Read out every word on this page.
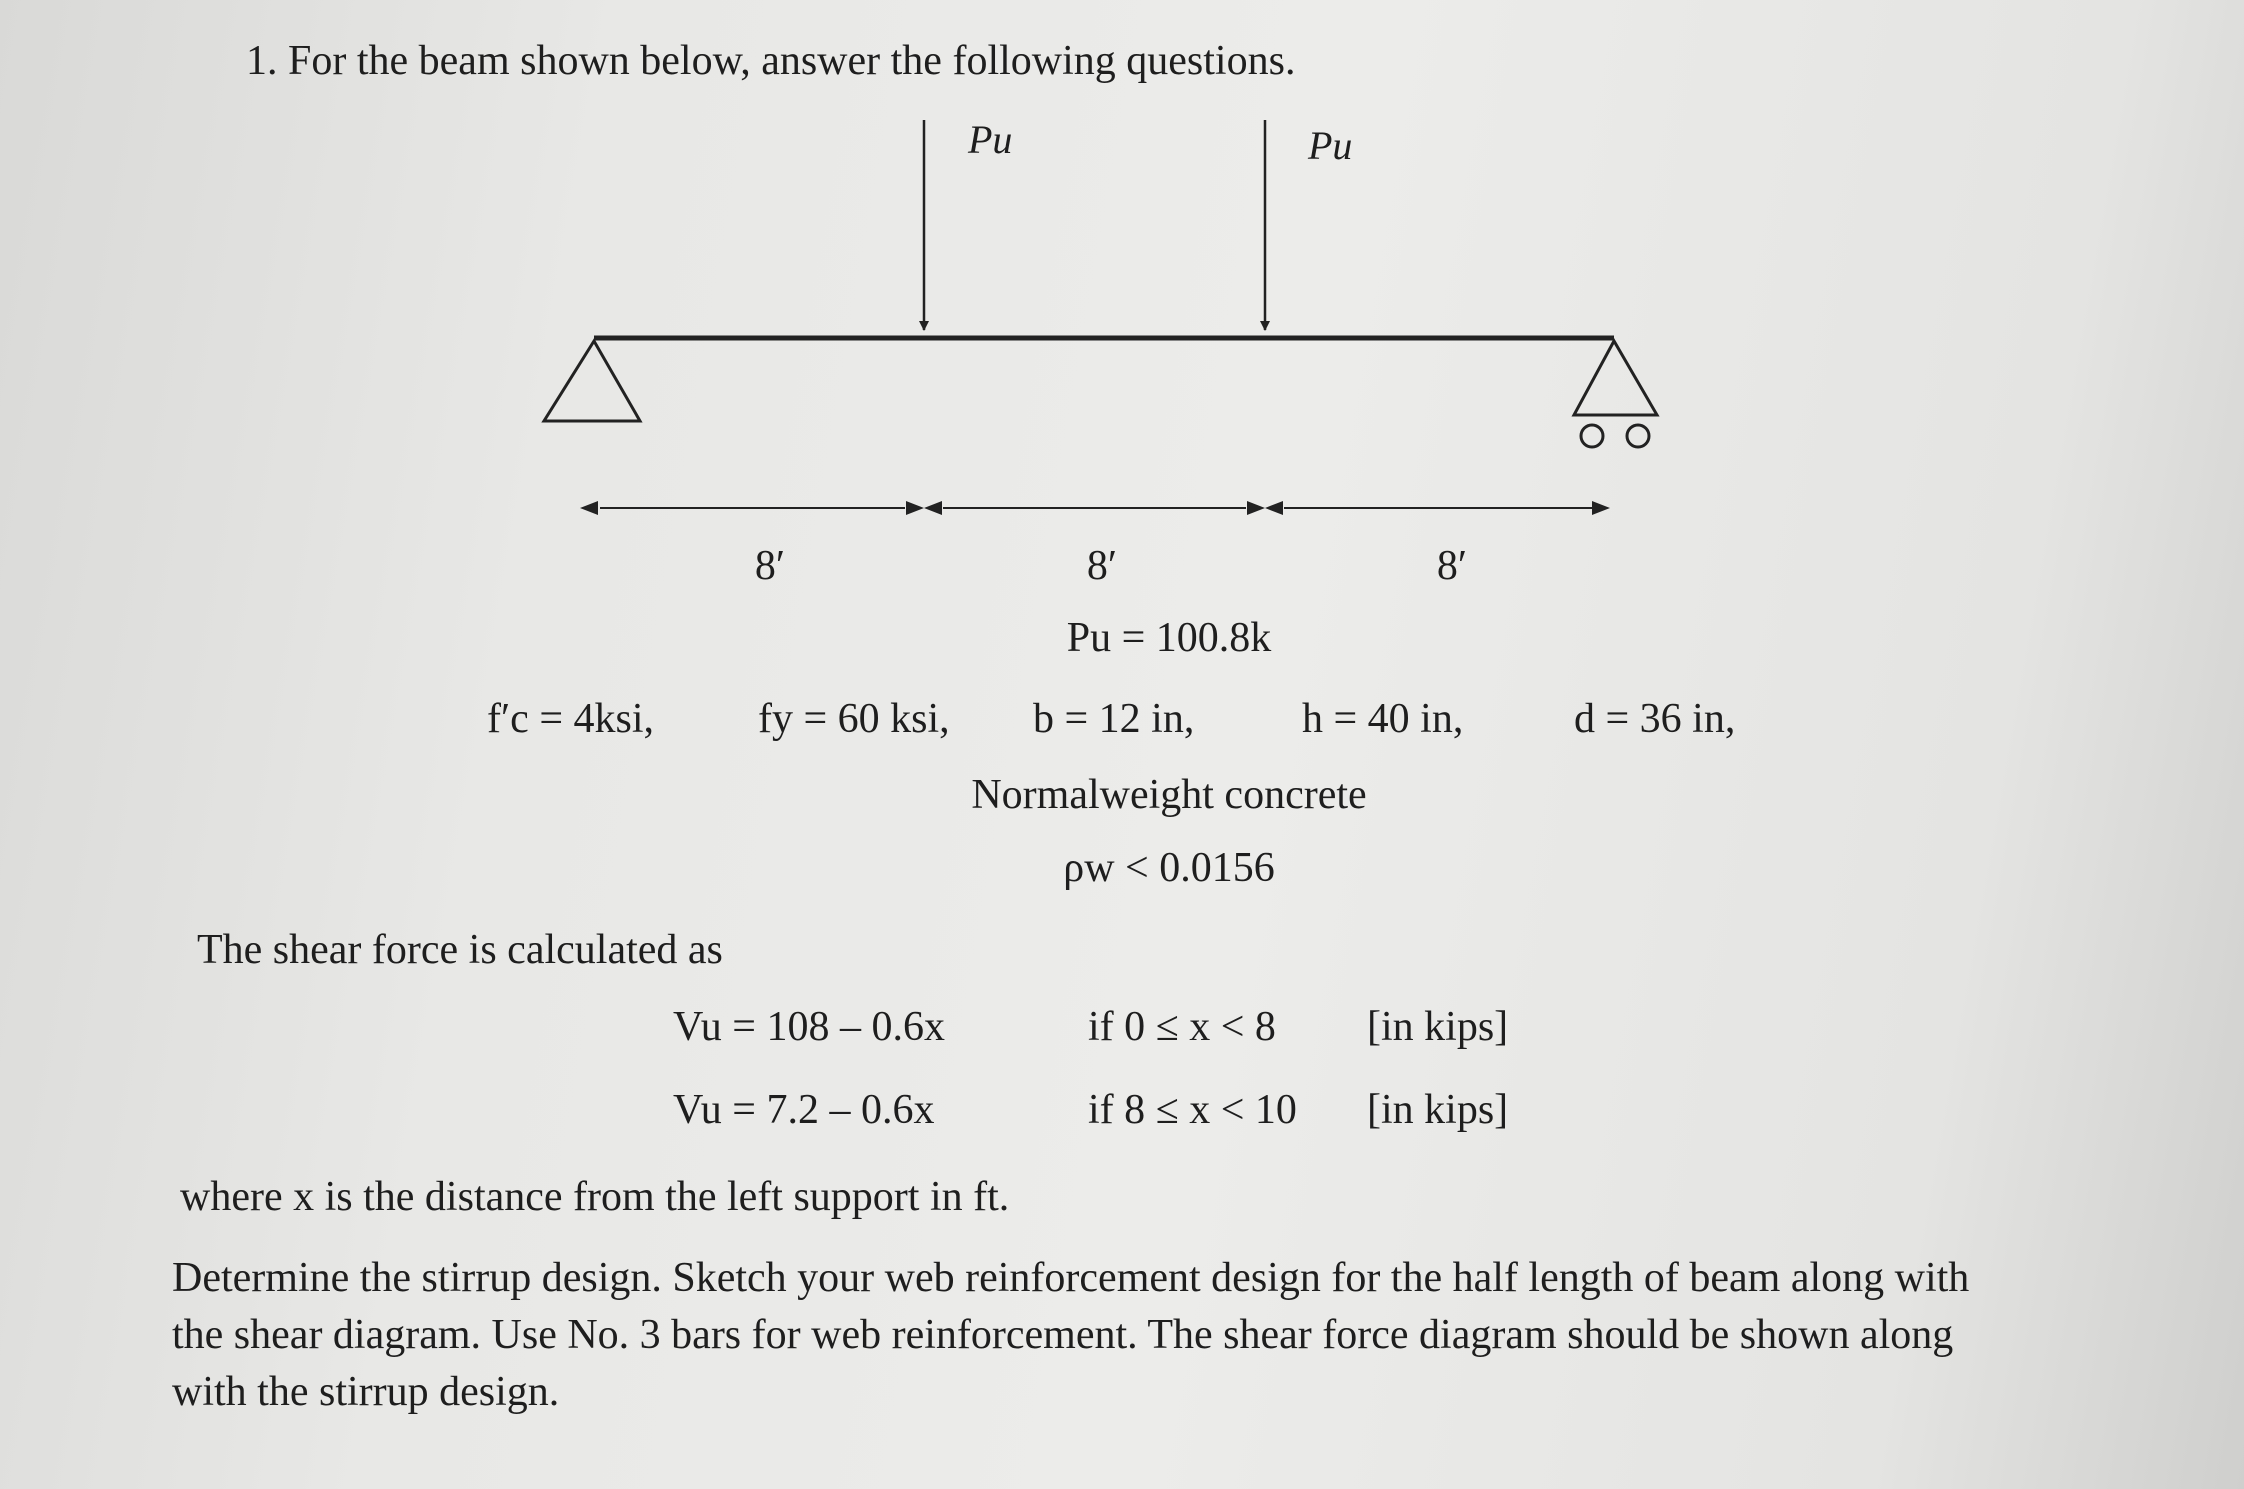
1. For the beam shown below, answer the following questions.
Pu	Pu
8′	8′	8′
Pu = 100.8k
f′c = 4ksi, fy = 60 ksi, b = 12 in,	h = 40 in,	d = 36 in,
Normalweight concrete
ρw < 0.0156
The shear force is calculated as
Vu = 108 – 0.6x	if 0 ≤ x < 8 [in kips]
Vu = 7.2 – 0.6x	if 8 ≤ x < 10 [in kips]
where x is the distance from the left support in ft.
Determine the stirrup design. Sketch your web reinforcement design for the half length of beam along with the shear diagram. Use No. 3 bars for web reinforcement. The shear force diagram should be shown along with the stirrup design.
